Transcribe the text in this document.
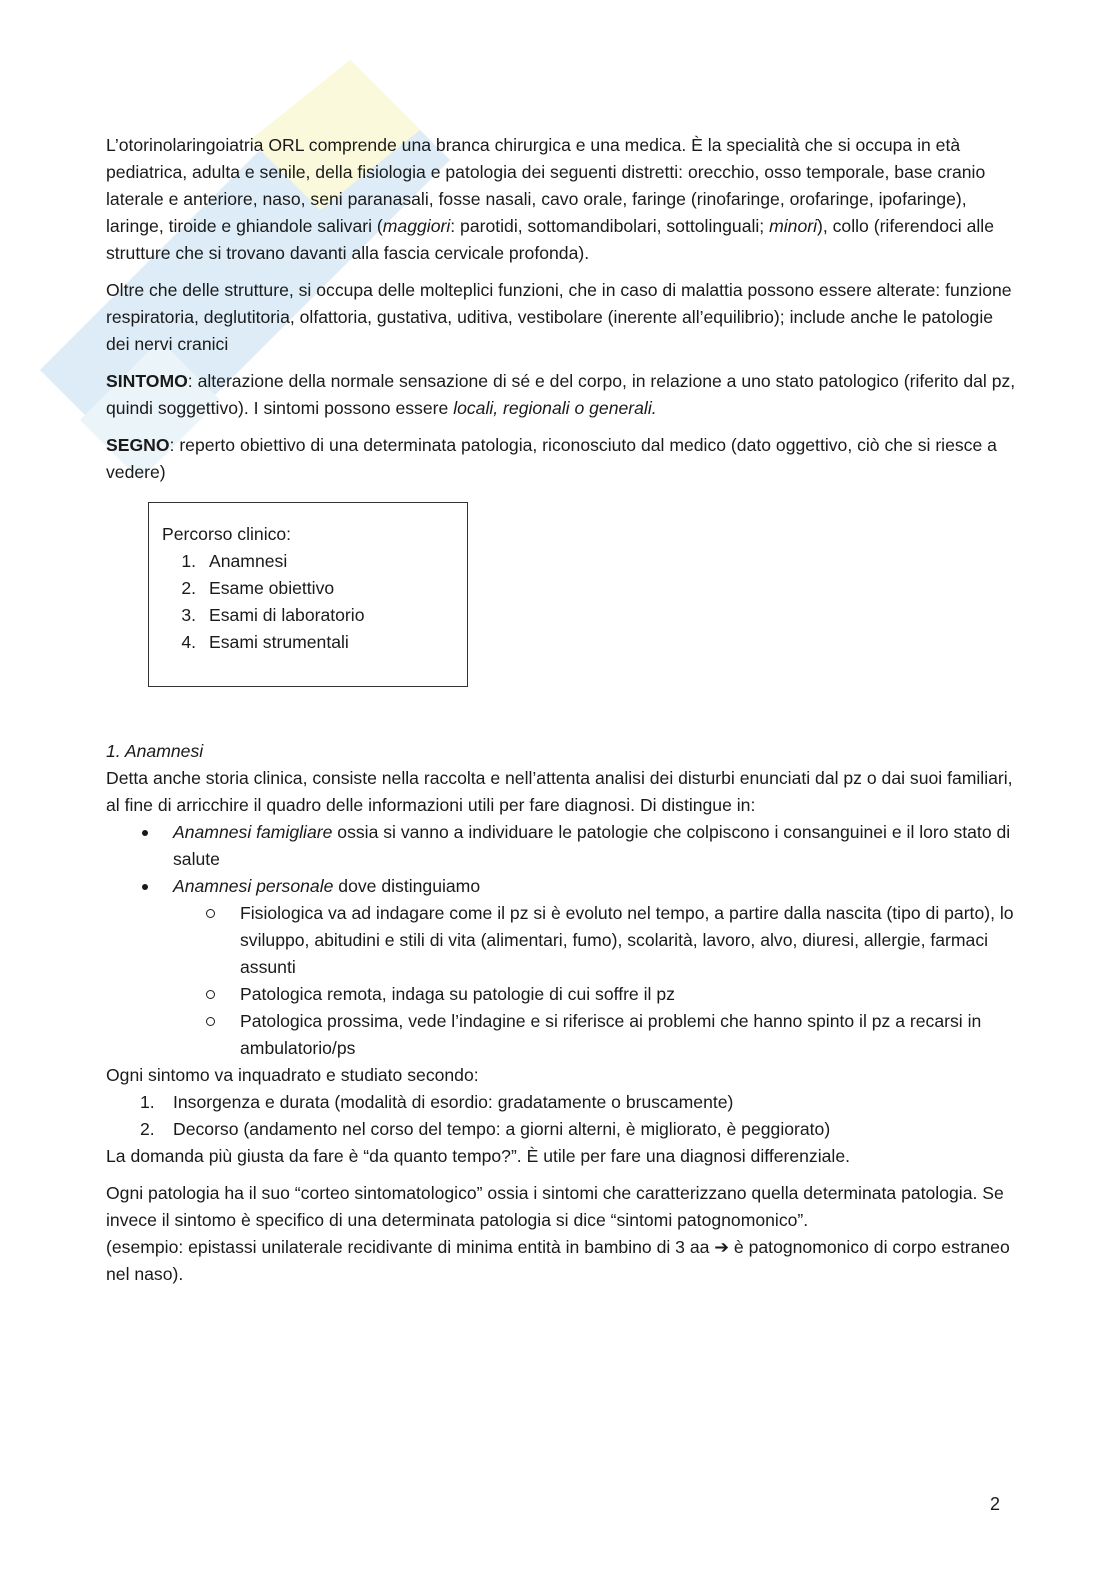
L’otorinolaringoiatria ORL comprende una branca chirurgica e una medica. È la specialità che si occupa in età pediatrica, adulta e senile, della fisiologia e patologia dei seguenti distretti: orecchio, osso temporale, base cranio laterale e anteriore, naso, seni paranasali, fosse nasali, cavo orale, faringe (rinofaringe, orofaringe, ipofaringe), laringe, tiroide e ghiandole salivari (maggiori: parotidi, sottomandibolari, sottolinguali; minori), collo (riferendoci alle strutture che si trovano davanti alla fascia cervicale profonda).

Oltre che delle strutture, si occupa delle molteplici funzioni, che in caso di malattia possono essere alterate: funzione respiratoria, deglutitoria, olfattoria, gustativa, uditiva, vestibolare (inerente all’equilibrio); include anche le patologie dei nervi cranici

SINTOMO: alterazione della normale sensazione di sé e del corpo, in relazione a uno stato patologico (riferito dal pz, quindi soggettivo). I sintomi possono essere locali, regionali o generali.

SEGNO: reperto obiettivo di una determinata patologia, riconosciuto dal medico (dato oggettivo, ciò che si riesce a vedere)

Percorso clinico:
1. Anamnesi
2. Esame obiettivo
3. Esami di laboratorio
4. Esami strumentali

1. Anamnesi

Detta anche storia clinica, consiste nella raccolta e nell’attenta analisi dei disturbi enunciati dal pz o dai suoi familiari, al fine di arricchire il quadro delle informazioni utili per fare diagnosi. Di distingue in:

Anamnesi famigliare ossia si vanno a individuare le patologie che colpiscono i consanguinei e il loro stato di salute
Anamnesi personale dove distinguiamo
Fisiologica va ad indagare come il pz si è evoluto nel tempo, a partire dalla nascita (tipo di parto), lo sviluppo, abitudini e stili di vita (alimentari, fumo), scolarità, lavoro, alvo, diuresi, allergie, farmaci assunti
Patologica remota, indaga su patologie di cui soffre il pz
Patologica prossima, vede l’indagine e si riferisce ai problemi che hanno spinto il pz a recarsi in ambulatorio/ps

Ogni sintomo va inquadrato e studiato secondo:

1. Insorgenza e durata (modalità di esordio: gradatamente o bruscamente)
2. Decorso (andamento nel corso del tempo: a giorni alterni, è migliorato, è peggiorato)

La domanda più giusta da fare è “da quanto tempo?”. È utile per fare una diagnosi differenziale.

Ogni patologia ha il suo “corteo sintomatologico” ossia i sintomi che caratterizzano quella determinata patologia. Se invece il sintomo è specifico di una determinata patologia si dice “sintomi patognomonico”.

(esempio: epistassi unilaterale recidivante di minima entità in bambino di 3 aa ➔ è patognomonico di corpo estraneo nel naso).

2
